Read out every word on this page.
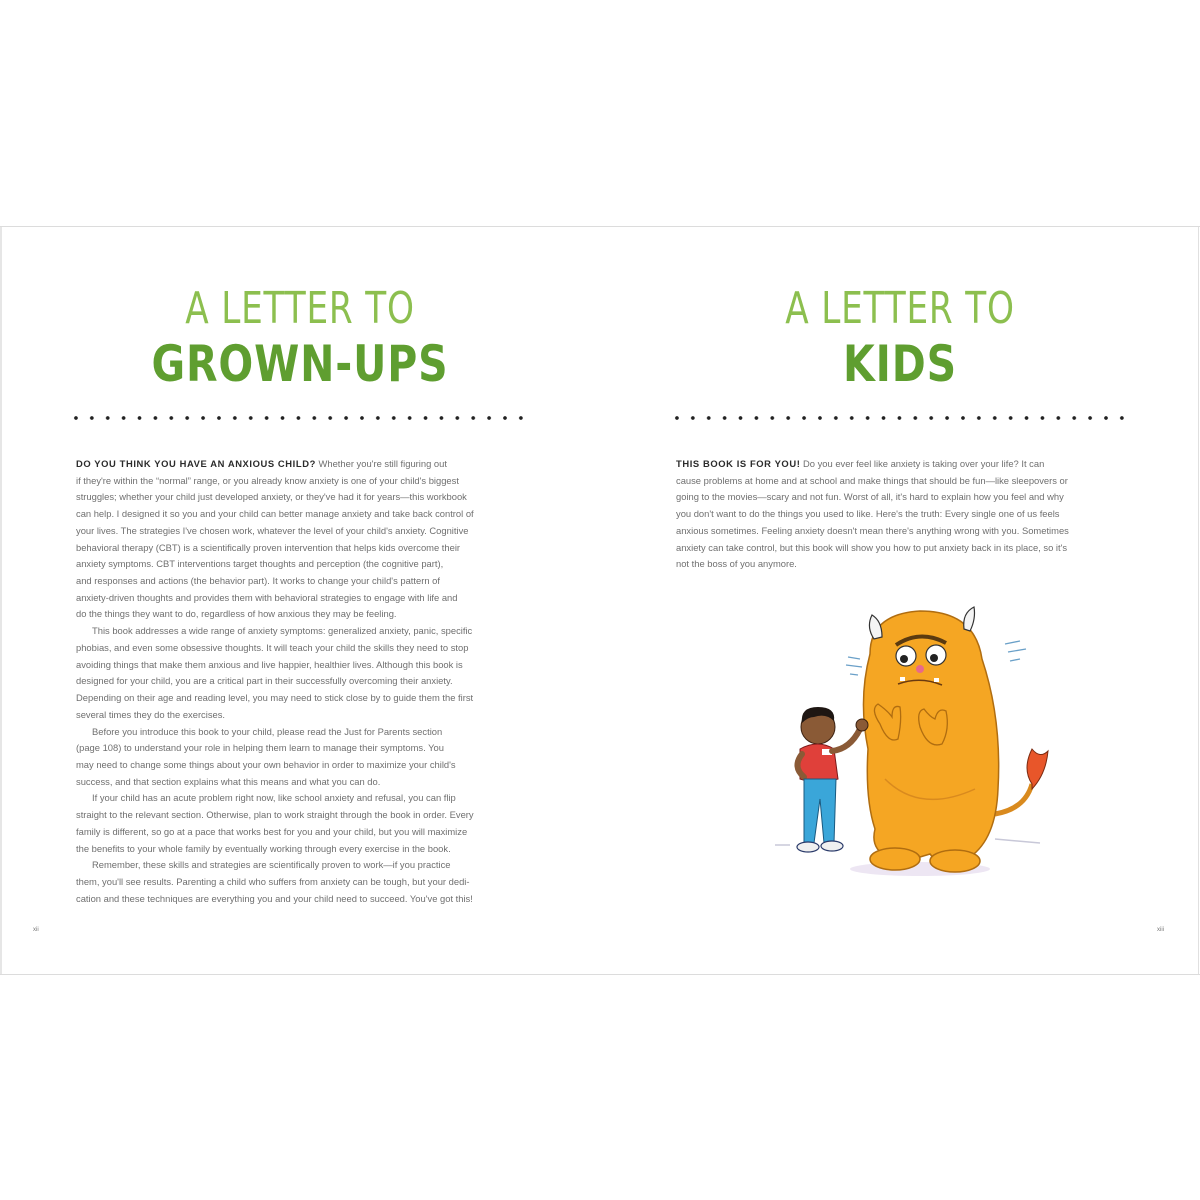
A LETTER TO
GROWN-UPS
DO YOU THINK YOU HAVE AN ANXIOUS CHILD? Whether you're still figuring out
if they're within the “normal” range, or you already know anxiety is one of your child's biggest
struggles; whether your child just developed anxiety, or they've had it for years—this workbook
can help. I designed it so you and your child can better manage anxiety and take back control of
your lives. The strategies I've chosen work, whatever the level of your child's anxiety. Cognitive
behavioral therapy (CBT) is a scientifically proven intervention that helps kids overcome their
anxiety symptoms. CBT interventions target thoughts and perception (the cognitive part),
and responses and actions (the behavior part). It works to change your child's pattern of
anxiety-driven thoughts and provides them with behavioral strategies to engage with life and
do the things they want to do, regardless of how anxious they may be feeling.
This book addresses a wide range of anxiety symptoms: generalized anxiety, panic, specific
phobias, and even some obsessive thoughts. It will teach your child the skills they need to stop
avoiding things that make them anxious and live happier, healthier lives. Although this book is
designed for your child, you are a critical part in their successfully overcoming their anxiety.
Depending on their age and reading level, you may need to stick close by to guide them the first
several times they do the exercises.
Before you introduce this book to your child, please read the Just for Parents section
(page 108) to understand your role in helping them learn to manage their symptoms. You
may need to change some things about your own behavior in order to maximize your child's
success, and that section explains what this means and what you can do.
If your child has an acute problem right now, like school anxiety and refusal, you can flip
straight to the relevant section. Otherwise, plan to work straight through the book in order. Every
family is different, so go at a pace that works best for you and your child, but you will maximize
the benefits to your whole family by eventually working through every exercise in the book.
Remember, these skills and strategies are scientifically proven to work—if you practice
them, you'll see results. Parenting a child who suffers from anxiety can be tough, but your dedi-
cation and these techniques are everything you and your child need to succeed. You've got this!
xii
A LETTER TO
KIDS
THIS BOOK IS FOR YOU! Do you ever feel like anxiety is taking over your life? It can
cause problems at home and at school and make things that should be fun—like sleepovers or
going to the movies—scary and not fun. Worst of all, it's hard to explain how you feel and why
you don't want to do the things you used to like. Here's the truth: Every single one of us feels
anxious sometimes. Feeling anxiety doesn't mean there's anything wrong with you. Sometimes
anxiety can take control, but this book will show you how to put anxiety back in its place, so it's
not the boss of you anymore.
xiii
